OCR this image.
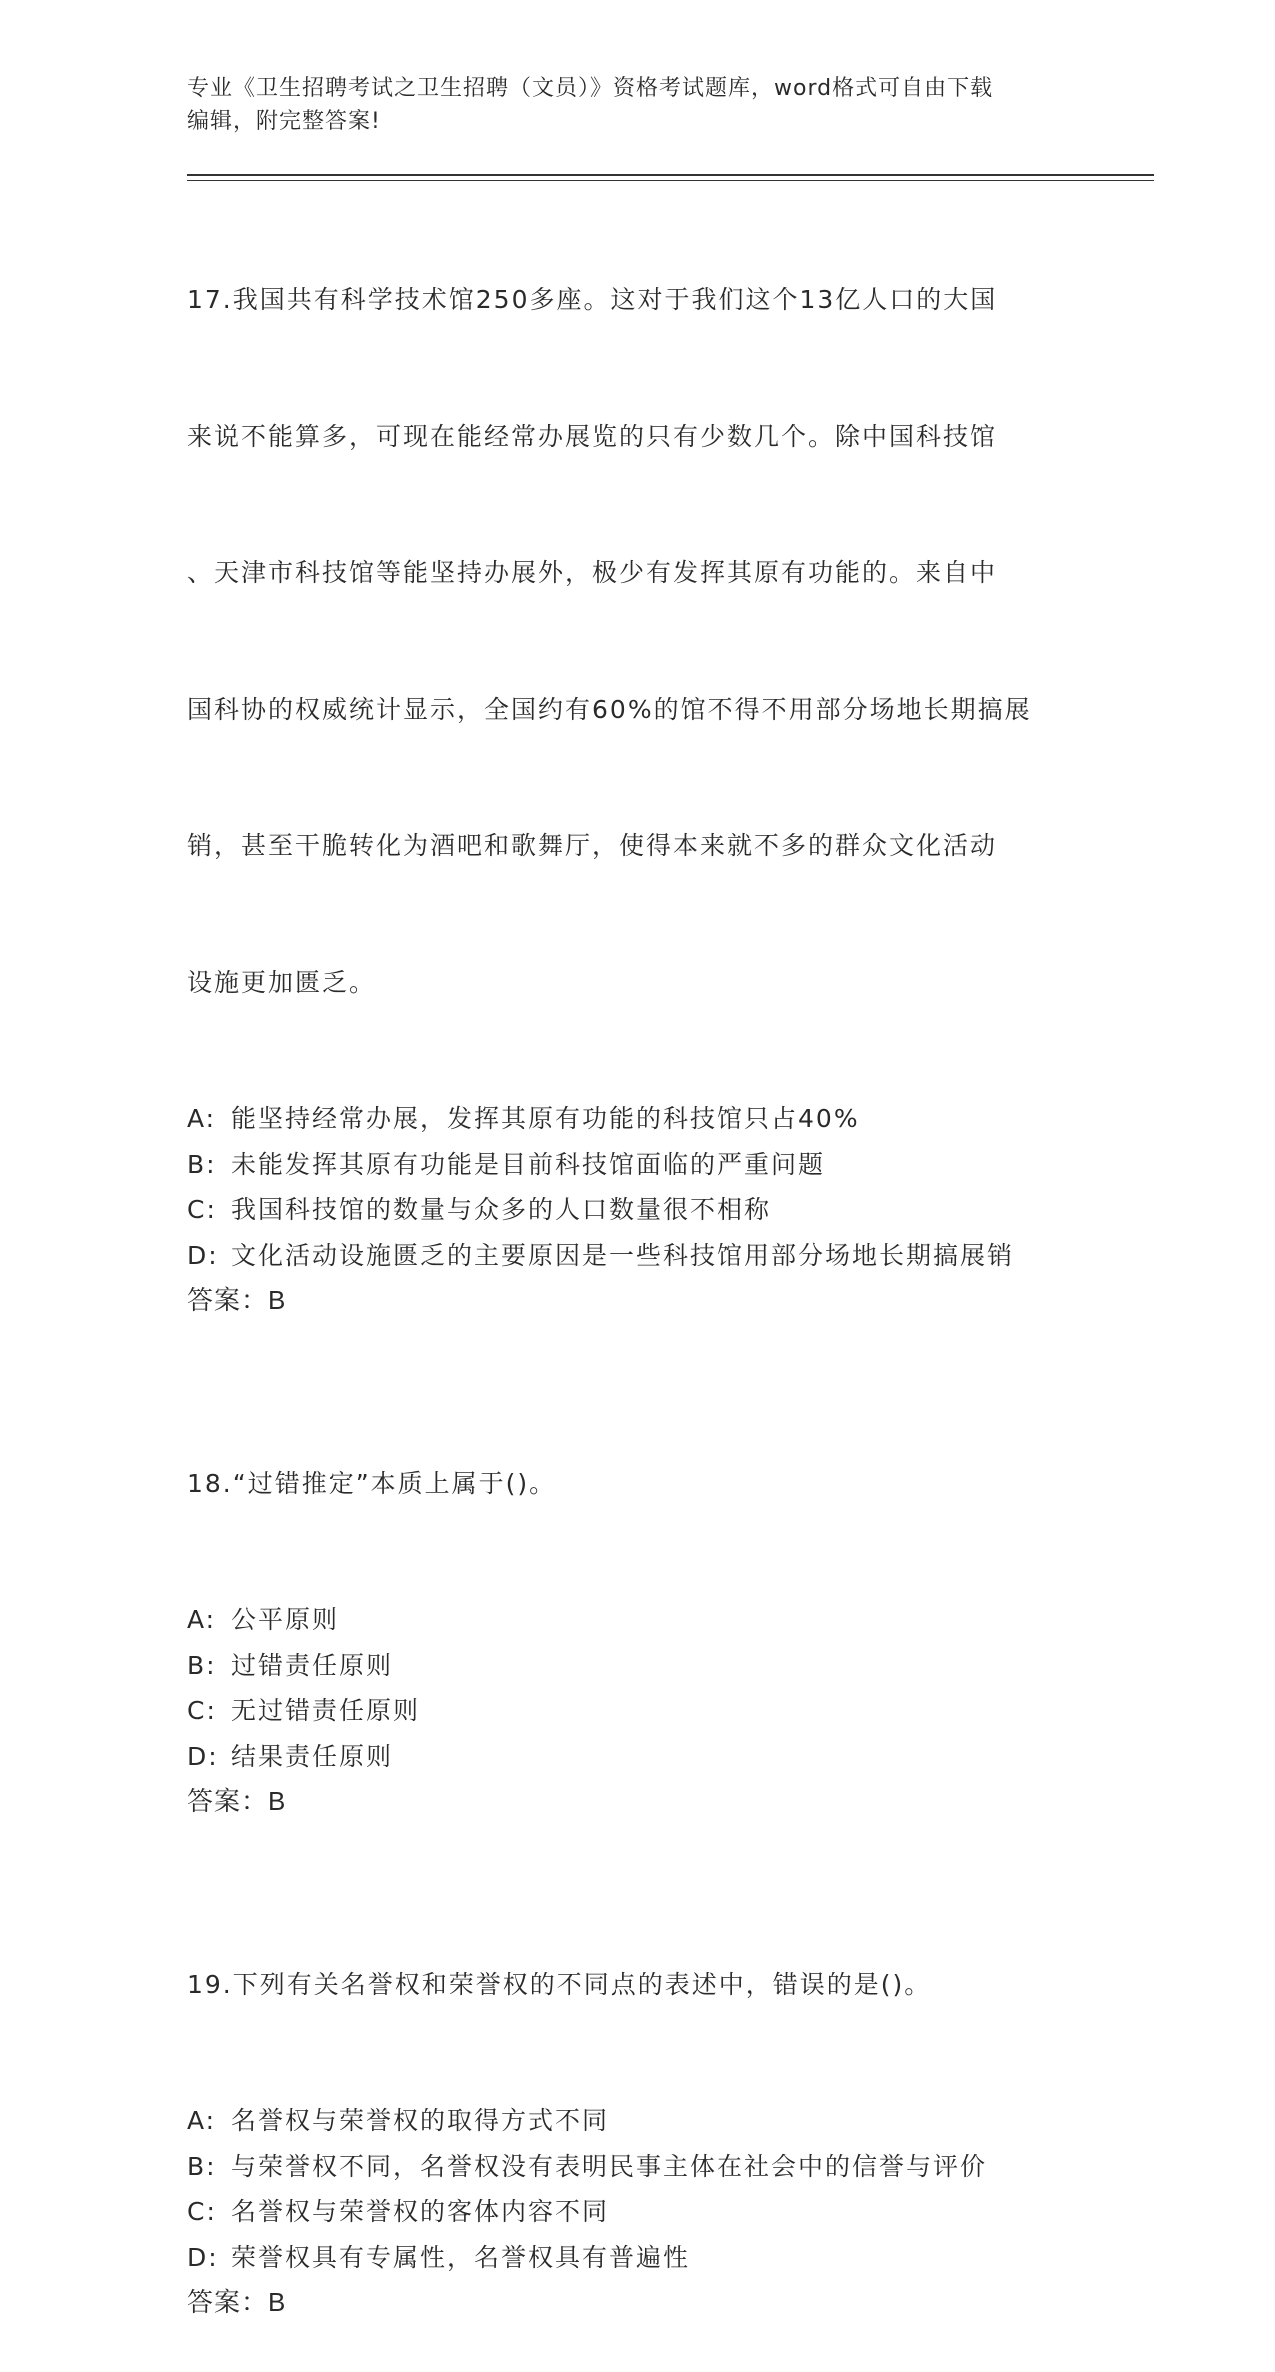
专业《卫生招聘考试之卫生招聘（文员）》资格考试题库，word格式可自由下载
编辑，附完整答案!

17.我国共有科学技术馆250多座。这对于我们这个13亿人口的大国

来说不能算多，可现在能经常办展览的只有少数几个。除中国科技馆

、天津市科技馆等能坚持办展外，极少有发挥其原有功能的。来自中

国科协的权威统计显示，全国约有60%的馆不得不用部分场地长期搞展

销，甚至干脆转化为酒吧和歌舞厅，使得本来就不多的群众文化活动

设施更加匮乏。

A: 能坚持经常办展，发挥其原有功能的科技馆只占40%
B: 未能发挥其原有功能是目前科技馆面临的严重问题
C: 我国科技馆的数量与众多的人口数量很不相称
D: 文化活动设施匮乏的主要原因是一些科技馆用部分场地长期搞展销
答案：B

18.“过错推定”本质上属于()。

A: 公平原则
B: 过错责任原则
C: 无过错责任原则
D: 结果责任原则
答案：B

19.下列有关名誉权和荣誉权的不同点的表述中，错误的是()。

A: 名誉权与荣誉权的取得方式不同
B: 与荣誉权不同，名誉权没有表明民事主体在社会中的信誉与评价
C: 名誉权与荣誉权的客体内容不同
D: 荣誉权具有专属性，名誉权具有普遍性
答案：B
